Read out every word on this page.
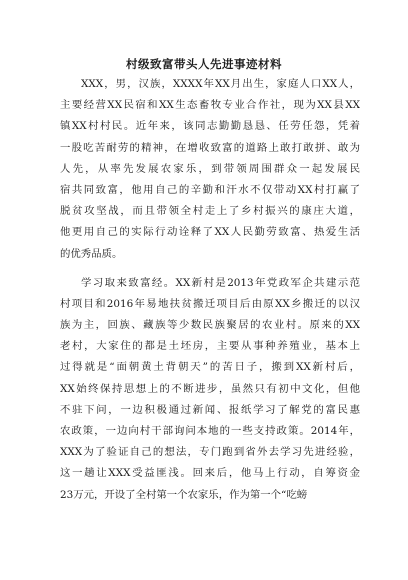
村级致富带头人先进事迹材料
XXX，男，汉族，XXXX年XX月出生，家庭人口XX人，
主要经营XX民宿和XX生态畜牧专业合作社，现为XX县XX
镇XX村村民。近年来，该同志勤勤恳恳、任劳任怨，凭着
一股吃苦耐劳的精神，在增收致富的道路上敢打敢拼、敢为
人先，从率先发展农家乐，到带领周围群众一起发展民
宿共同致富，他用自己的辛勤和汗水不仅带动XX村打赢了
脱贫攻坚战，而且带领全村走上了乡村振兴的康庄大道，
他更用自己的实际行动诠释了XX人民勤劳致富、热爱生活
的优秀品质。
学习取来致富经。XX新村是2013年党政军企共建示范
村项目和2016年易地扶贫搬迁项目后由原XX乡搬迁的以汉
族为主，回族、藏族等少数民族聚居的农业村。原来的XX
老村，大家住的都是土坯房，主要从事种养殖业，基本上
过得就是“面朝黄土背朝天”的苦日子，搬到XX新村后，
XX始终保持思想上的不断进步，虽然只有初中文化，但他
不驻下问，一边积极通过新闻、报纸学习了解党的富民惠
农政策，一边向村干部询问本地的一些支持政策。2014年，
XXX为了验证自己的想法，专门跑到省外去学习先进经验，
这一趟让XXX受益匪浅。回来后，他马上行动，自筹资金
23万元，开设了全村第一个农家乐，作为第一个“吃螃
